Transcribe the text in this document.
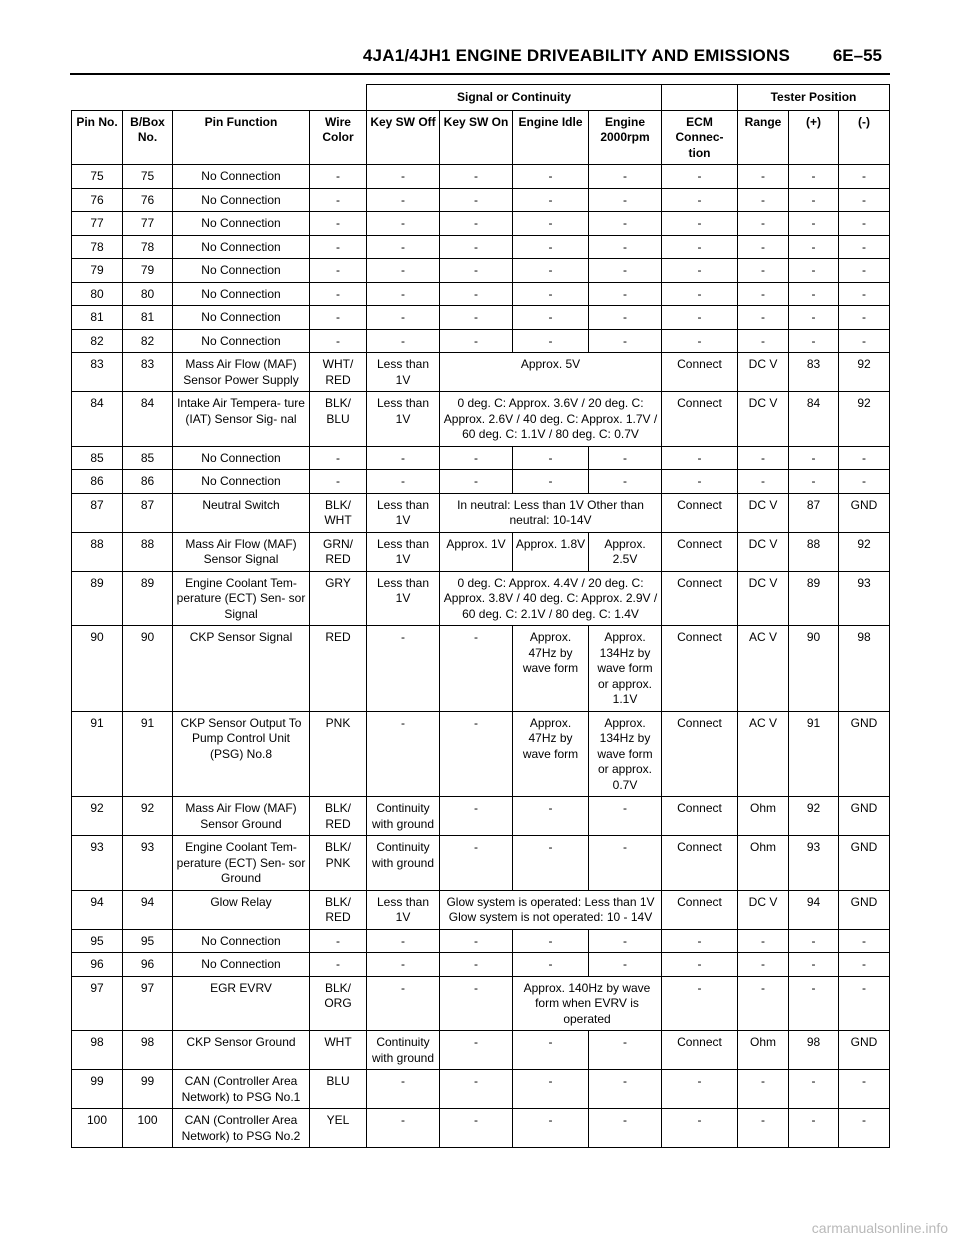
4JA1/4JH1 ENGINE DRIVEABILITY AND EMISSIONS	6E–55
				Signal or Continuity					Tester Position		
Pin No.	B/Box No.	Pin Function	Wire Color	Key SW Off	Key SW On	Engine Idle	Engine 2000rpm	ECM Connec- tion	Range	(+)	(-)
75	75	No Connection	-	-	-	-	-	-	-	-	-
76	76	No Connection	-	-	-	-	-	-	-	-	-
77	77	No Connection	-	-	-	-	-	-	-	-	-
78	78	No Connection	-	-	-	-	-	-	-	-	-
79	79	No Connection	-	-	-	-	-	-	-	-	-
80	80	No Connection	-	-	-	-	-	-	-	-	-
81	81	No Connection	-	-	-	-	-	-	-	-	-
82	82	No Connection	-	-	-	-	-	-	-	-	-
83	83	Mass Air Flow (MAF) Sensor Power Supply	WHT/ RED	Less than 1V	Approx. 5V			Connect	DC V	83	92
84	84	Intake Air Tempera- ture (IAT) Sensor Sig- nal	BLK/ BLU	Less than 1V	0 deg. C: Approx. 3.6V / 20 deg. C: Approx. 2.6V / 40 deg. C: Approx. 1.7V / 60 deg. C: 1.1V / 80 deg. C: 0.7V			Connect	DC V	84	92
85	85	No Connection	-	-	-	-	-	-	-	-	-
86	86	No Connection	-	-	-	-	-	-	-	-	-
87	87	Neutral Switch	BLK/ WHT	Less than 1V	In neutral: Less than 1V Other than neutral: 10-14V			Connect	DC V	87	GND
88	88	Mass Air Flow (MAF) Sensor Signal	GRN/ RED	Less than 1V	Approx. 1V	Approx. 1.8V	Approx. 2.5V	Connect	DC V	88	92
89	89	Engine Coolant Tem- perature (ECT) Sen- sor Signal	GRY	Less than 1V	0 deg. C: Approx. 4.4V / 20 deg. C: Approx. 3.8V / 40 deg. C: Approx. 2.9V / 60 deg. C: 2.1V / 80 deg. C: 1.4V			Connect	DC V	89	93
90	90	CKP Sensor Signal	RED	-	-	Approx. 47Hz by wave form	Approx. 134Hz by wave form or approx. 1.1V	Connect	AC V	90	98
91	91	CKP Sensor Output To Pump Control Unit (PSG) No.8	PNK	-	-	Approx. 47Hz by wave form	Approx. 134Hz by wave form or approx. 0.7V	Connect	AC V	91	GND
92	92	Mass Air Flow (MAF) Sensor Ground	BLK/ RED	Continuity with ground	-	-	-	Connect	Ohm	92	GND
93	93	Engine Coolant Tem- perature (ECT) Sen- sor Ground	BLK/ PNK	Continuity with ground	-	-	-	Connect	Ohm	93	GND
94	94	Glow Relay	BLK/ RED	Less than 1V	Glow system is operated: Less than 1V Glow system is not operated: 10 - 14V			Connect	DC V	94	GND
95	95	No Connection	-	-	-	-	-	-	-	-	-
96	96	No Connection	-	-	-	-	-	-	-	-	-
97	97	EGR EVRV	BLK/ ORG	-	-	Approx. 140Hz by wave form when EVRV is operated		-	-	-	-
98	98	CKP Sensor Ground	WHT	Continuity with ground	-	-	-	Connect	Ohm	98	GND
99	99	CAN (Controller Area Network) to PSG No.1	BLU	-	-	-	-	-	-	-	-
100	100	CAN (Controller Area Network) to PSG No.2	YEL	-	-	-	-	-	-	-	-
carmanualsonline.info
